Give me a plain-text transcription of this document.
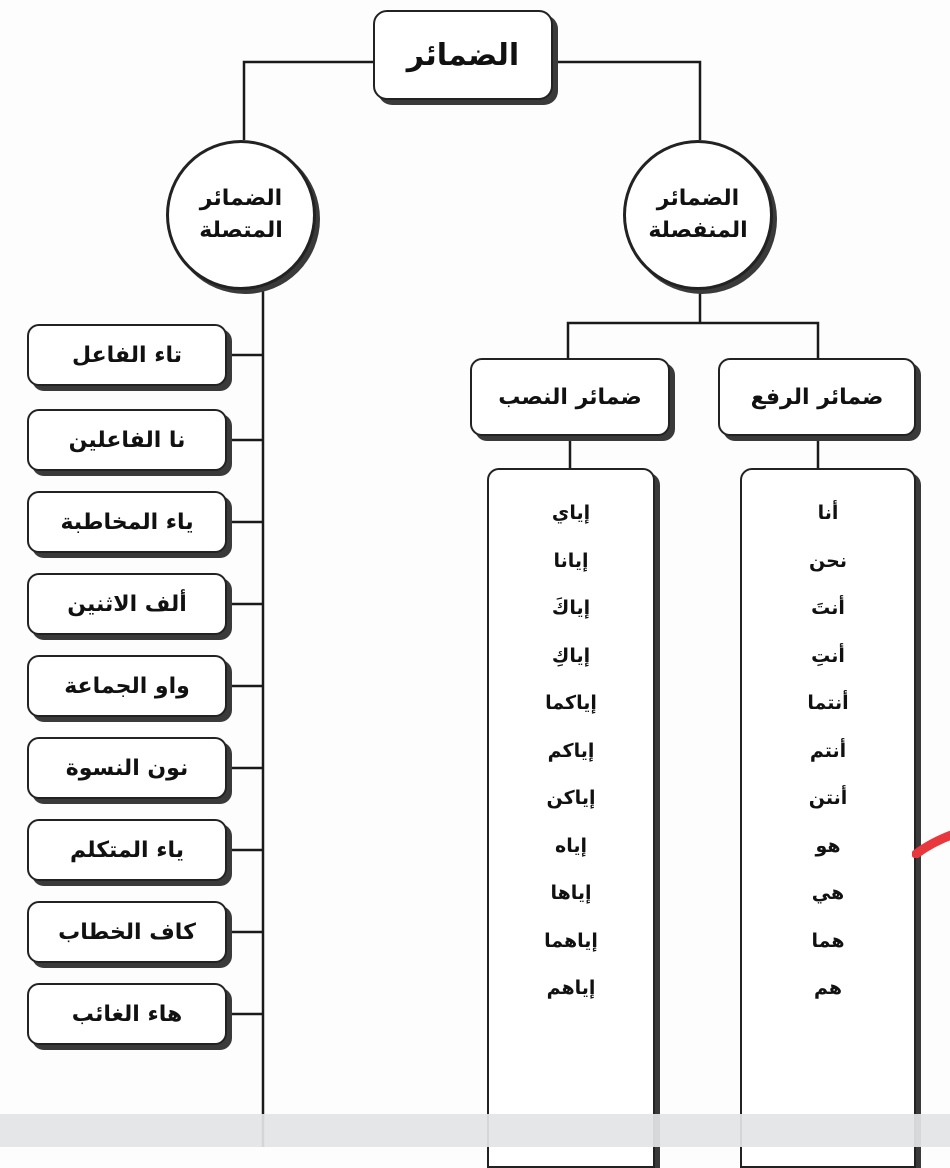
الضمائر
الضمائر
المتصلة
الضمائر
المنفصلة
ضمائر الرفع
ضمائر النصب
أنا
نحن
أنتَ
أنتِ
أنتما
أنتم
أنتن
هو
هي
هما
هم
إياي
إيانا
إياكَ
إياكِ
إياكما
إياكم
إياكن
إياه
إياها
إياهما
إياهم
تاء الفاعل
نا الفاعلين
ياء المخاطبة
ألف الاثنين
واو الجماعة
نون النسوة
ياء المتكلم
كاف الخطاب
هاء الغائب
